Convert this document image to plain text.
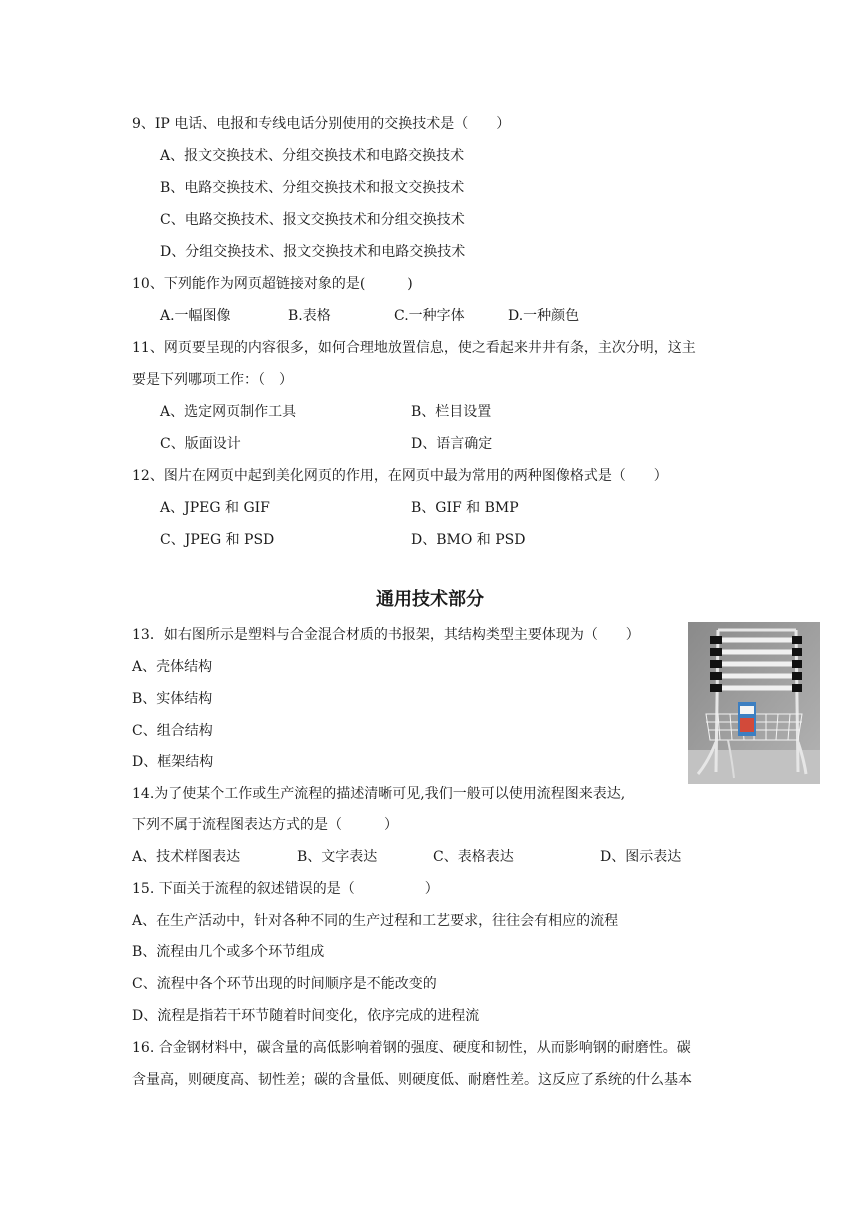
9、IP 电话、电报和专线电话分别使用的交换技术是（　　）
A、报文交换技术、分组交换技术和电路交换技术
B、电路交换技术、分组交换技术和报文交换技术
C、电路交换技术、报文交换技术和分组交换技术
D、分组交换技术、报文交换技术和电路交换技术
10、下列能作为网页超链接对象的是(　　　)
A.一幅图像	B.表格	C.一种字体	D.一种颜色
11、网页要呈现的内容很多，如何合理地放置信息，使之看起来井井有条，主次分明，这主
要是下列哪项工作：（　）
A、选定网页制作工具	B、栏目设置
C、版面设计	D、语言确定
12、图片在网页中起到美化网页的作用，在网页中最为常用的两种图像格式是（　　）
A、JPEG 和 GIF	B、GIF 和 BMP
C、JPEG 和 PSD	D、BMO 和 PSD
通用技术部分
13．如右图所示是塑料与合金混合材质的书报架，其结构类型主要体现为（　　）
A、壳体结构
B、实体结构
C、组合结构
D、框架结构
14.为了使某个工作或生产流程的描述清晰可见,我们一般可以使用流程图来表达,
下列不属于流程图表达方式的是（　　　）
A、技术样图表达	B、文字表达	C、表格表达	D、图示表达
15. 下面关于流程的叙述错误的是（　　　　　）
A、在生产活动中，针对各种不同的生产过程和工艺要求，往往会有相应的流程
B、流程由几个或多个环节组成
C、流程中各个环节出现的时间顺序是不能改变的
D、流程是指若干环节随着时间变化，依序完成的进程流
16. 合金钢材料中，碳含量的高低影响着钢的强度、硬度和韧性，从而影响钢的耐磨性。碳
含量高，则硬度高、韧性差；碳的含量低、则硬度低、耐磨性差。这反应了系统的什么基本
